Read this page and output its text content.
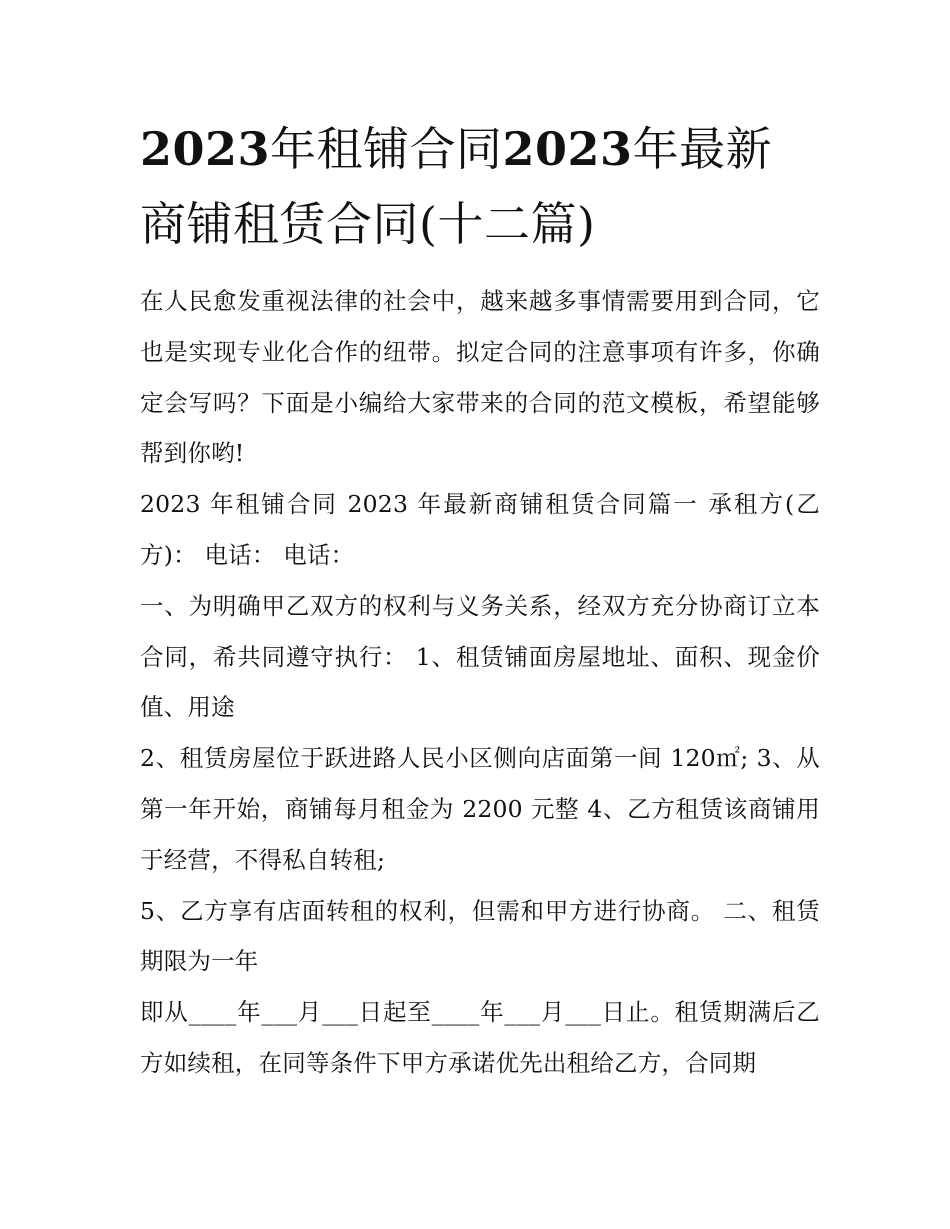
2023年租铺合同2023年最新
商铺租赁合同(十二篇)

在人民愈发重视法律的社会中，越来越多事情需要用到合同，它也是实现专业化合作的纽带。拟定合同的注意事项有许多，你确定会写吗？下面是小编给大家带来的合同的范文模板，希望能够帮到你哟!

2023 年租铺合同 2023 年最新商铺租赁合同篇一 承租方(乙方)： 电话： 电话：

一、为明确甲乙双方的权利与义务关系，经双方充分协商订立本合同，希共同遵守执行： 1、租赁铺面房屋地址、面积、现金价值、用途

2、租赁房屋位于跃进路人民小区侧向店面第一间 120㎡; 3、从第一年开始，商铺每月租金为 2200 元整 4、乙方租赁该商铺用于经营，不得私自转租;

5、乙方享有店面转租的权利，但需和甲方进行协商。 二、租赁期限为一年

即从____年___月___日起至____年___月___日止。租赁期满后乙方如续租，在同等条件下甲方承诺优先出租给乙方，合同期
